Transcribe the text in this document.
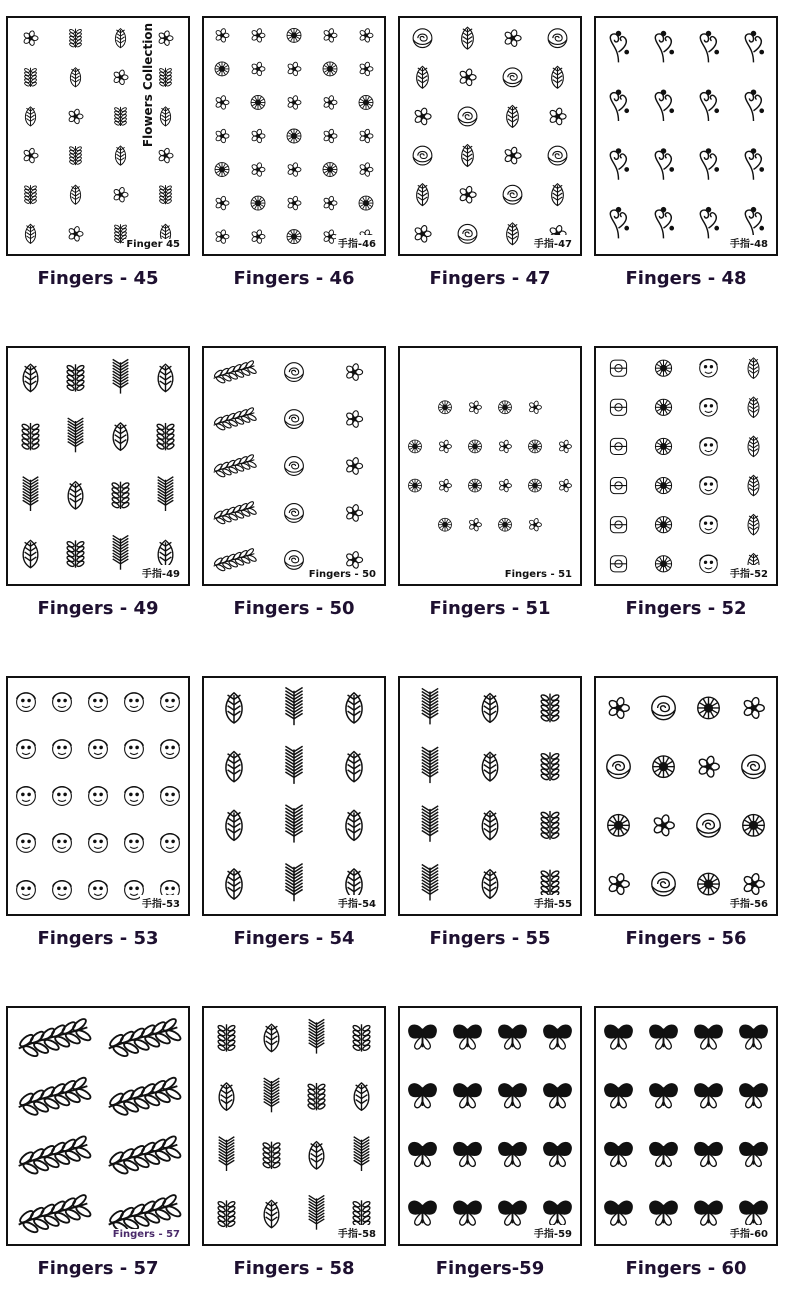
Flowers Collection
Finger 45
Fingers - 45
手指-46
Fingers - 46
手指-47
Fingers - 47
手指-48
Fingers - 48
手指-49
Fingers - 49
Fingers - 50
Fingers - 50
Fingers - 51
Fingers - 51
手指-52
Fingers - 52
手指-53
Fingers - 53
手指-54
Fingers - 54
手指-55
Fingers - 55
手指-56
Fingers - 56
Fingers - 57
Fingers - 57
手指-58
Fingers - 58
手指-59
Fingers-59
手指-60
Fingers - 60
